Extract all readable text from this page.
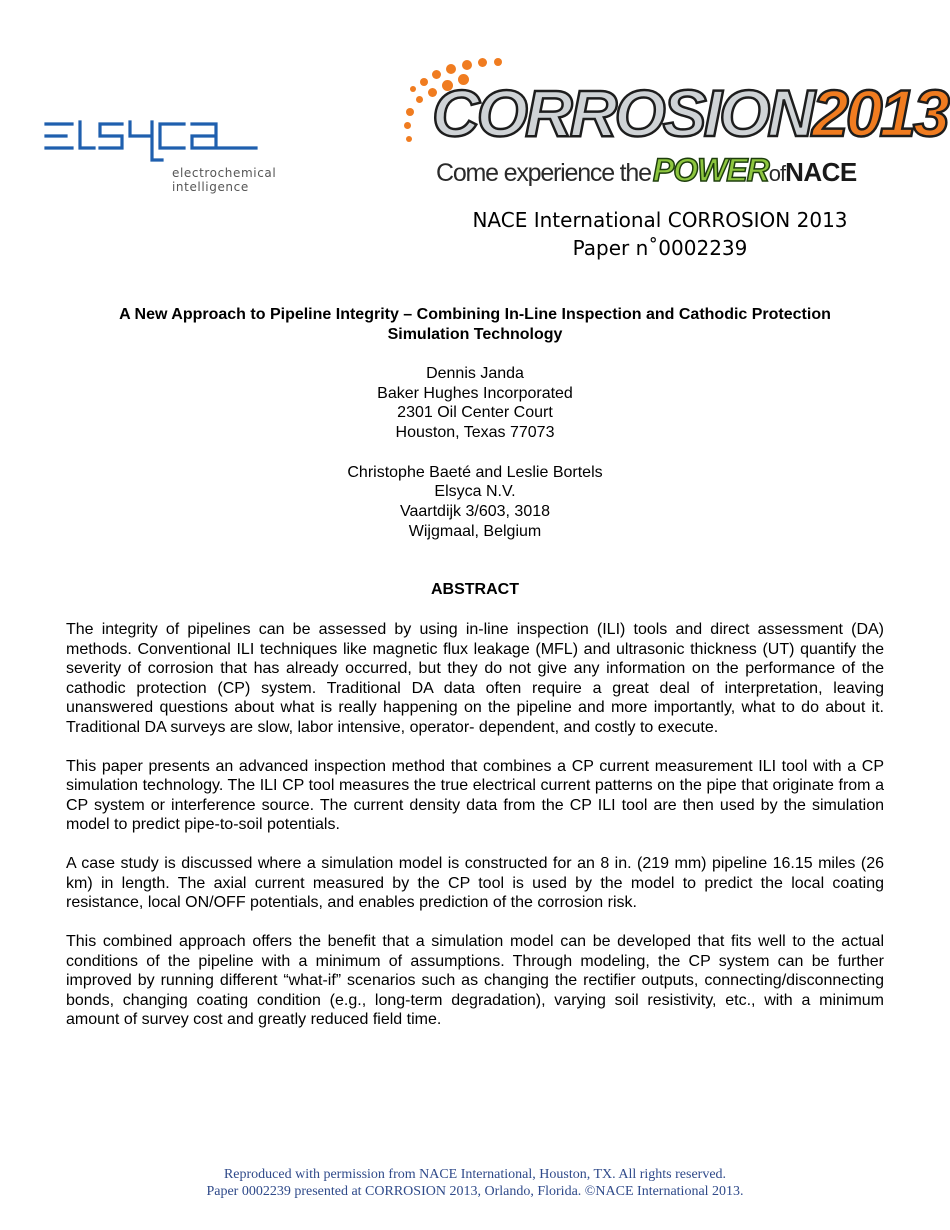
electrochemical intelligence
CORROSION2013
Come experience thePOWERofNACE
NACE International CORROSION 2013
Paper n˚0002239
A New Approach to Pipeline Integrity – Combining In-Line Inspection and Cathodic Protection
Simulation Technology
Dennis Janda
Baker Hughes Incorporated
2301 Oil Center Court
Houston, Texas 77073
Christophe Baeté and Leslie Bortels
Elsyca N.V.
Vaartdijk 3/603, 3018
Wijgmaal, Belgium
ABSTRACT

The integrity of pipelines can be assessed by using in-line inspection (ILI) tools and direct assessment (DA) methods. Conventional ILI techniques like magnetic flux leakage (MFL) and ultrasonic thickness (UT) quantify the severity of corrosion that has already occurred, but they do not give any information on the performance of the cathodic protection (CP) system. Traditional DA data often require a great deal of interpretation, leaving unanswered questions about what is really happening on the pipeline and more importantly, what to do about it. Traditional DA surveys are slow, labor intensive, operator- dependent, and costly to execute.

This paper presents an advanced inspection method that combines a CP current measurement ILI tool with a CP simulation technology. The ILI CP tool measures the true electrical current patterns on the pipe that originate from a CP system or interference source. The current density data from the CP ILI tool are then used by the simulation model to predict pipe-to-soil potentials.

A case study is discussed where a simulation model is constructed for an 8 in. (219 mm) pipeline 16.15 miles (26 km) in length. The axial current measured by the CP tool is used by the model to predict the local coating resistance, local ON/OFF potentials, and enables prediction of the corrosion risk.

This combined approach offers the benefit that a simulation model can be developed that fits well to the actual conditions of the pipeline with a minimum of assumptions. Through modeling, the CP system can be further improved by running different “what-if” scenarios such as changing the rectifier outputs, connecting/disconnecting bonds, changing coating condition (e.g., long-term degradation), varying soil resistivity, etc., with a minimum amount of survey cost and greatly reduced field time.

Reproduced with permission from NACE International, Houston, TX. All rights reserved.
Paper 0002239 presented at CORROSION 2013, Orlando, Florida. ©NACE International 2013.
